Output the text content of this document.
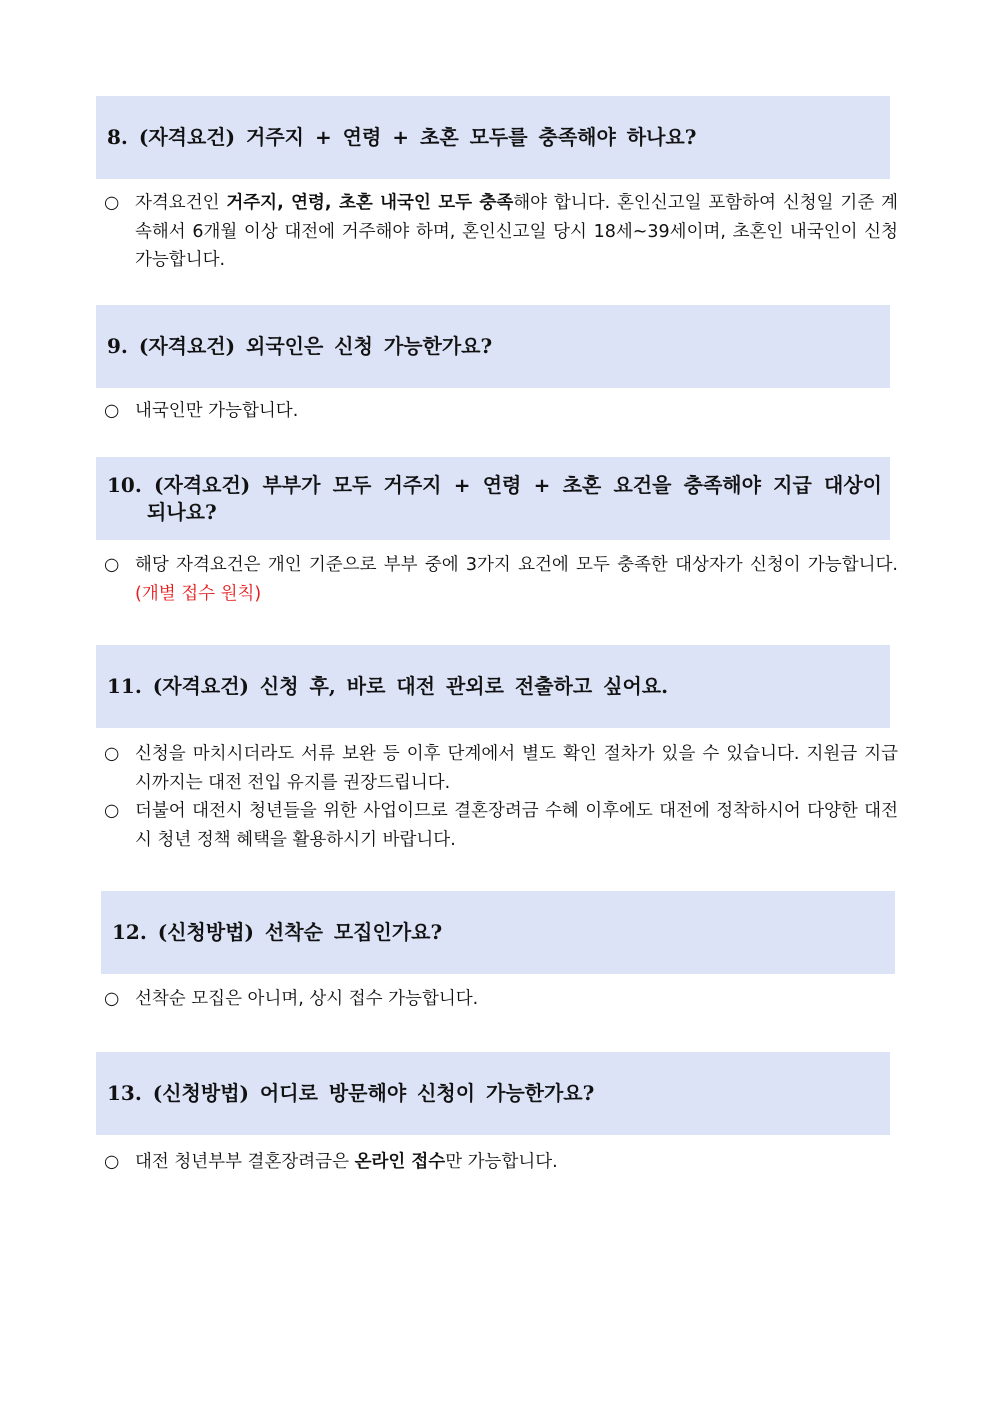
8. (자격요건) 거주지 + 연령 + 초혼 모두를 충족해야 하나요?
○ 자격요건인 거주지, 연령, 초혼 내국인 모두 충족해야 합니다. 혼인신고일 포함하여 신청일 기준 계속해서 6개월 이상 대전에 거주해야 하며, 혼인신고일 당시 18세~39세이며, 초혼인 내국인이 신청 가능합니다.
9. (자격요건) 외국인은 신청 가능한가요?
○ 내국인만 가능합니다.
10. (자격요건) 부부가 모두 거주지 + 연령 + 초혼 요건을 충족해야 지급 대상이 되나요?
○ 해당 자격요건은 개인 기준으로 부부 중에 3가지 요건에 모두 충족한 대상자가 신청이 가능합니다.(개별 접수 원칙)
11. (자격요건) 신청 후, 바로 대전 관외로 전출하고 싶어요.
○ 신청을 마치시더라도 서류 보완 등 이후 단계에서 별도 확인 절차가 있을 수 있습니다. 지원금 지급 시까지는 대전 전입 유지를 권장드립니다.
○ 더불어 대전시 청년들을 위한 사업이므로 결혼장려금 수혜 이후에도 대전에 정착하시어 다양한 대전시 청년 정책 혜택을 활용하시기 바랍니다.
12. (신청방법) 선착순 모집인가요?
○ 선착순 모집은 아니며, 상시 접수 가능합니다.
13. (신청방법) 어디로 방문해야 신청이 가능한가요?
○ 대전 청년부부 결혼장려금은 온라인 접수만 가능합니다.
